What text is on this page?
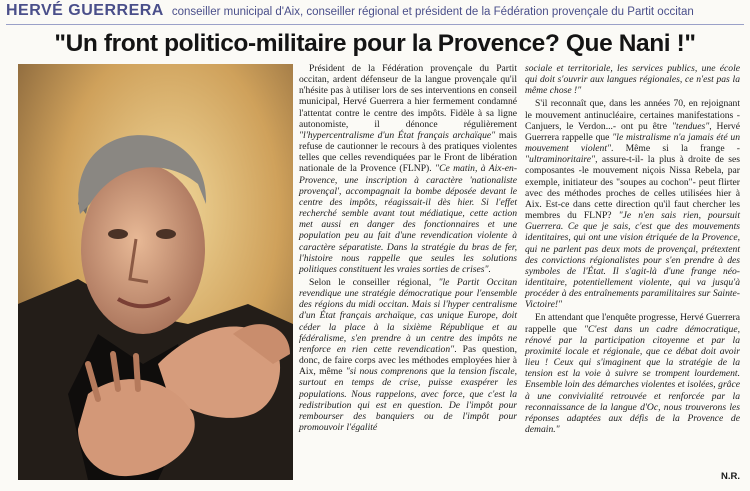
HERVÉ GUERRERA conseiller municipal d'Aix, conseiller régional et président de la Fédération provençale du Partit occitan
"Un front politico-militaire pour la Provence? Que Nani !"

Président de la Fédération provençale du Partit occitan, ardent défenseur de la langue provençale qu'il n'hésite pas à utiliser lors de ses interventions en conseil municipal, Hervé Guerrera a hier fermement condamné l'attentat contre le centre des impôts. Fidèle à sa ligne autonomiste, il dénonce régulièrement "l'hypercentralisme d'un État français archaïque" mais refuse de cautionner le recours à des pratiques violentes telles que celles revendiquées par le Front de libération nationale de la Provence (FLNP). "Ce matin, à Aix-en-Provence, une inscription à caractère 'nationaliste provençal', accompagnait la bombe déposée devant le centre des impôts, réagissait-il dès hier. Si l'effet recherché semble avant tout médiatique, cette action met aussi en danger des fonctionnaires et une population peu au fait d'une revendication violente à caractère séparatiste. Dans la stratégie du bras de fer, l'histoire nous rappelle que seules les solutions politiques constituent les vraies sorties de crises".

Selon le conseiller régional, "le Partit Occitan revendique une stratégie démocratique pour l'ensemble des régions du midi occitan. Mais si l'hyper centralisme d'un État français archaïque, cas unique Europe, doit céder la place à la sixième République et au fédéralisme, s'en prendre à un centre des impôts ne renforce en rien cette revendication". Pas question, donc, de faire corps avec les méthodes employées hier à Aix, même "si nous comprenons que la tension fiscale, surtout en temps de crise, puisse exaspérer les populations. Nous rappelons, avec force, que c'est la redistribution qui est en question. De l'impôt pour rembourser des banquiers ou de l'impôt pour promouvoir l'égalité

sociale et territoriale, les services publics, une école qui doit s'ouvrir aux langues régionales, ce n'est pas la même chose !"

S'il reconnaît que, dans les années 70, en rejoignant le mouvement antinucléaire, certaines manifestations -Canjuers, le Verdon...- ont pu être "tendues", Hervé Guerrera rappelle que "le mistralisme n'a jamais été un mouvement violent". Même si la frange -"ultraminoritaire", assure-t-il- la plus à droite de ses composantes -le mouvement niçois Nissa Rebela, par exemple, initiateur des "soupes au cochon"- peut flirter avec des méthodes proches de celles utilisées hier à Aix. Est-ce dans cette direction qu'il faut chercher les membres du FLNP? "Je n'en sais rien, poursuit Guerrera. Ce que je sais, c'est que des mouvements identitaires, qui ont une vision étriquée de la Provence, qui ne parlent pas deux mots de provençal, prétextent des convictions régionalistes pour s'en prendre à des symboles de l'État. Il s'agit-là d'une frange néo-identitaire, potentiellement violente, qui va jusqu'à procéder à des entraînements paramilitaires sur Sainte-Victoire!"

En attendant que l'enquête progresse, Hervé Guerrera rappelle que "C'est dans un cadre démocratique, rénové par la participation citoyenne et par la proximité locale et régionale, que ce débat doit avoir lieu ! Ceux qui s'imaginent que la stratégie de la tension est la voie à suivre se trompent lourdement. Ensemble loin des démarches violentes et isolées, grâce à une convivialité retrouvée et renforcée par la reconnaissance de la langue d'Oc, nous trouverons les réponses adaptées aux défis de la Provence de demain."

N.R.
